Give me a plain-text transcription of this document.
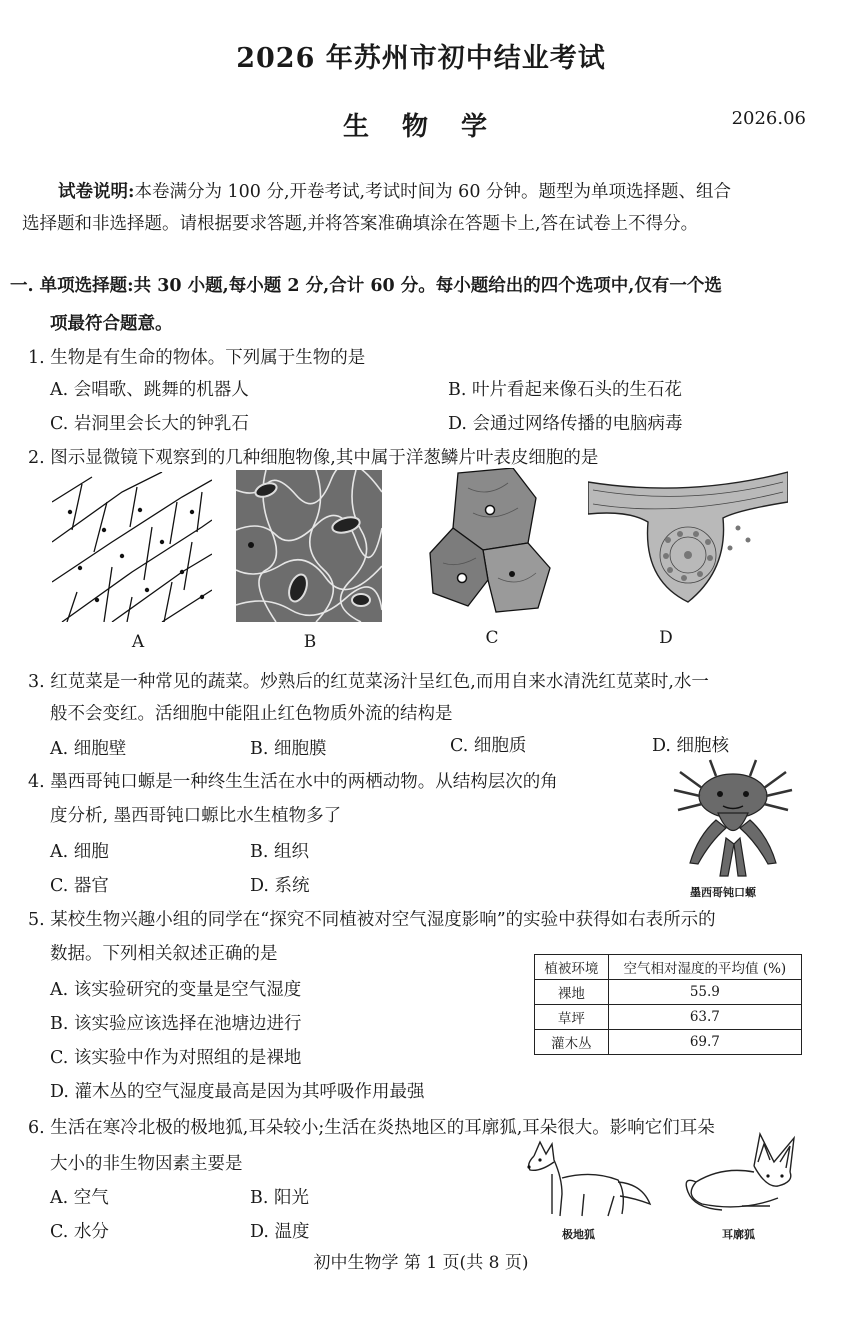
2026 年苏州市初中结业考试
生 物 学	2026.06
试卷说明:本卷满分为 100 分,开卷考试,考试时间为 60 分钟。题型为单项选择题、组合
选择题和非选择题。请根据要求答题,并将答案准确填涂在答题卡上,答在试卷上不得分。
一. 单项选择题:共 30 小题,每小题 2 分,合计 60 分。每小题给出的四个选项中,仅有一个选
项最符合题意。
1. 生物是有生命的物体。下列属于生物的是
A. 会唱歌、跳舞的机器人	B. 叶片看起来像石头的生石花
C. 岩洞里会长大的钟乳石	D. 会通过网络传播的电脑病毒
2. 图示显微镜下观察到的几种细胞物像,其中属于洋葱鳞片叶表皮细胞的是
A	B	C	D
3. 红苋菜是一种常见的蔬菜。炒熟后的红苋菜汤汁呈红色,而用自来水清洗红苋菜时,水一
般不会变红。活细胞中能阻止红色物质外流的结构是
A. 细胞壁	B. 细胞膜	C. 细胞质	D. 细胞核
4. 墨西哥钝口螈是一种终生生活在水中的两栖动物。从结构层次的角
度分析, 墨西哥钝口螈比水生植物多了
A. 细胞	B. 组织
C. 器官	D. 系统	墨西哥钝口螈
5. 某校生物兴趣小组的同学在“探究不同植被对空气湿度影响”的实验中获得如右表所示的
数据。下列相关叙述正确的是
A. 该实验研究的变量是空气湿度
B. 该实验应该选择在池塘边进行
C. 该实验中作为对照组的是裸地
D. 灌木丛的空气湿度最高是因为其呼吸作用最强
植被环境	空气相对湿度的平均值 (%)
裸地	55.9
草坪	63.7
灌木丛	69.7
6. 生活在寒冷北极的极地狐,耳朵较小;生活在炎热地区的耳廓狐,耳朵很大。影响它们耳朵
大小的非生物因素主要是
A. 空气	B. 阳光
C. 水分	D. 温度	极地狐	耳廓狐
初中生物学 第 1 页(共 8 页)
